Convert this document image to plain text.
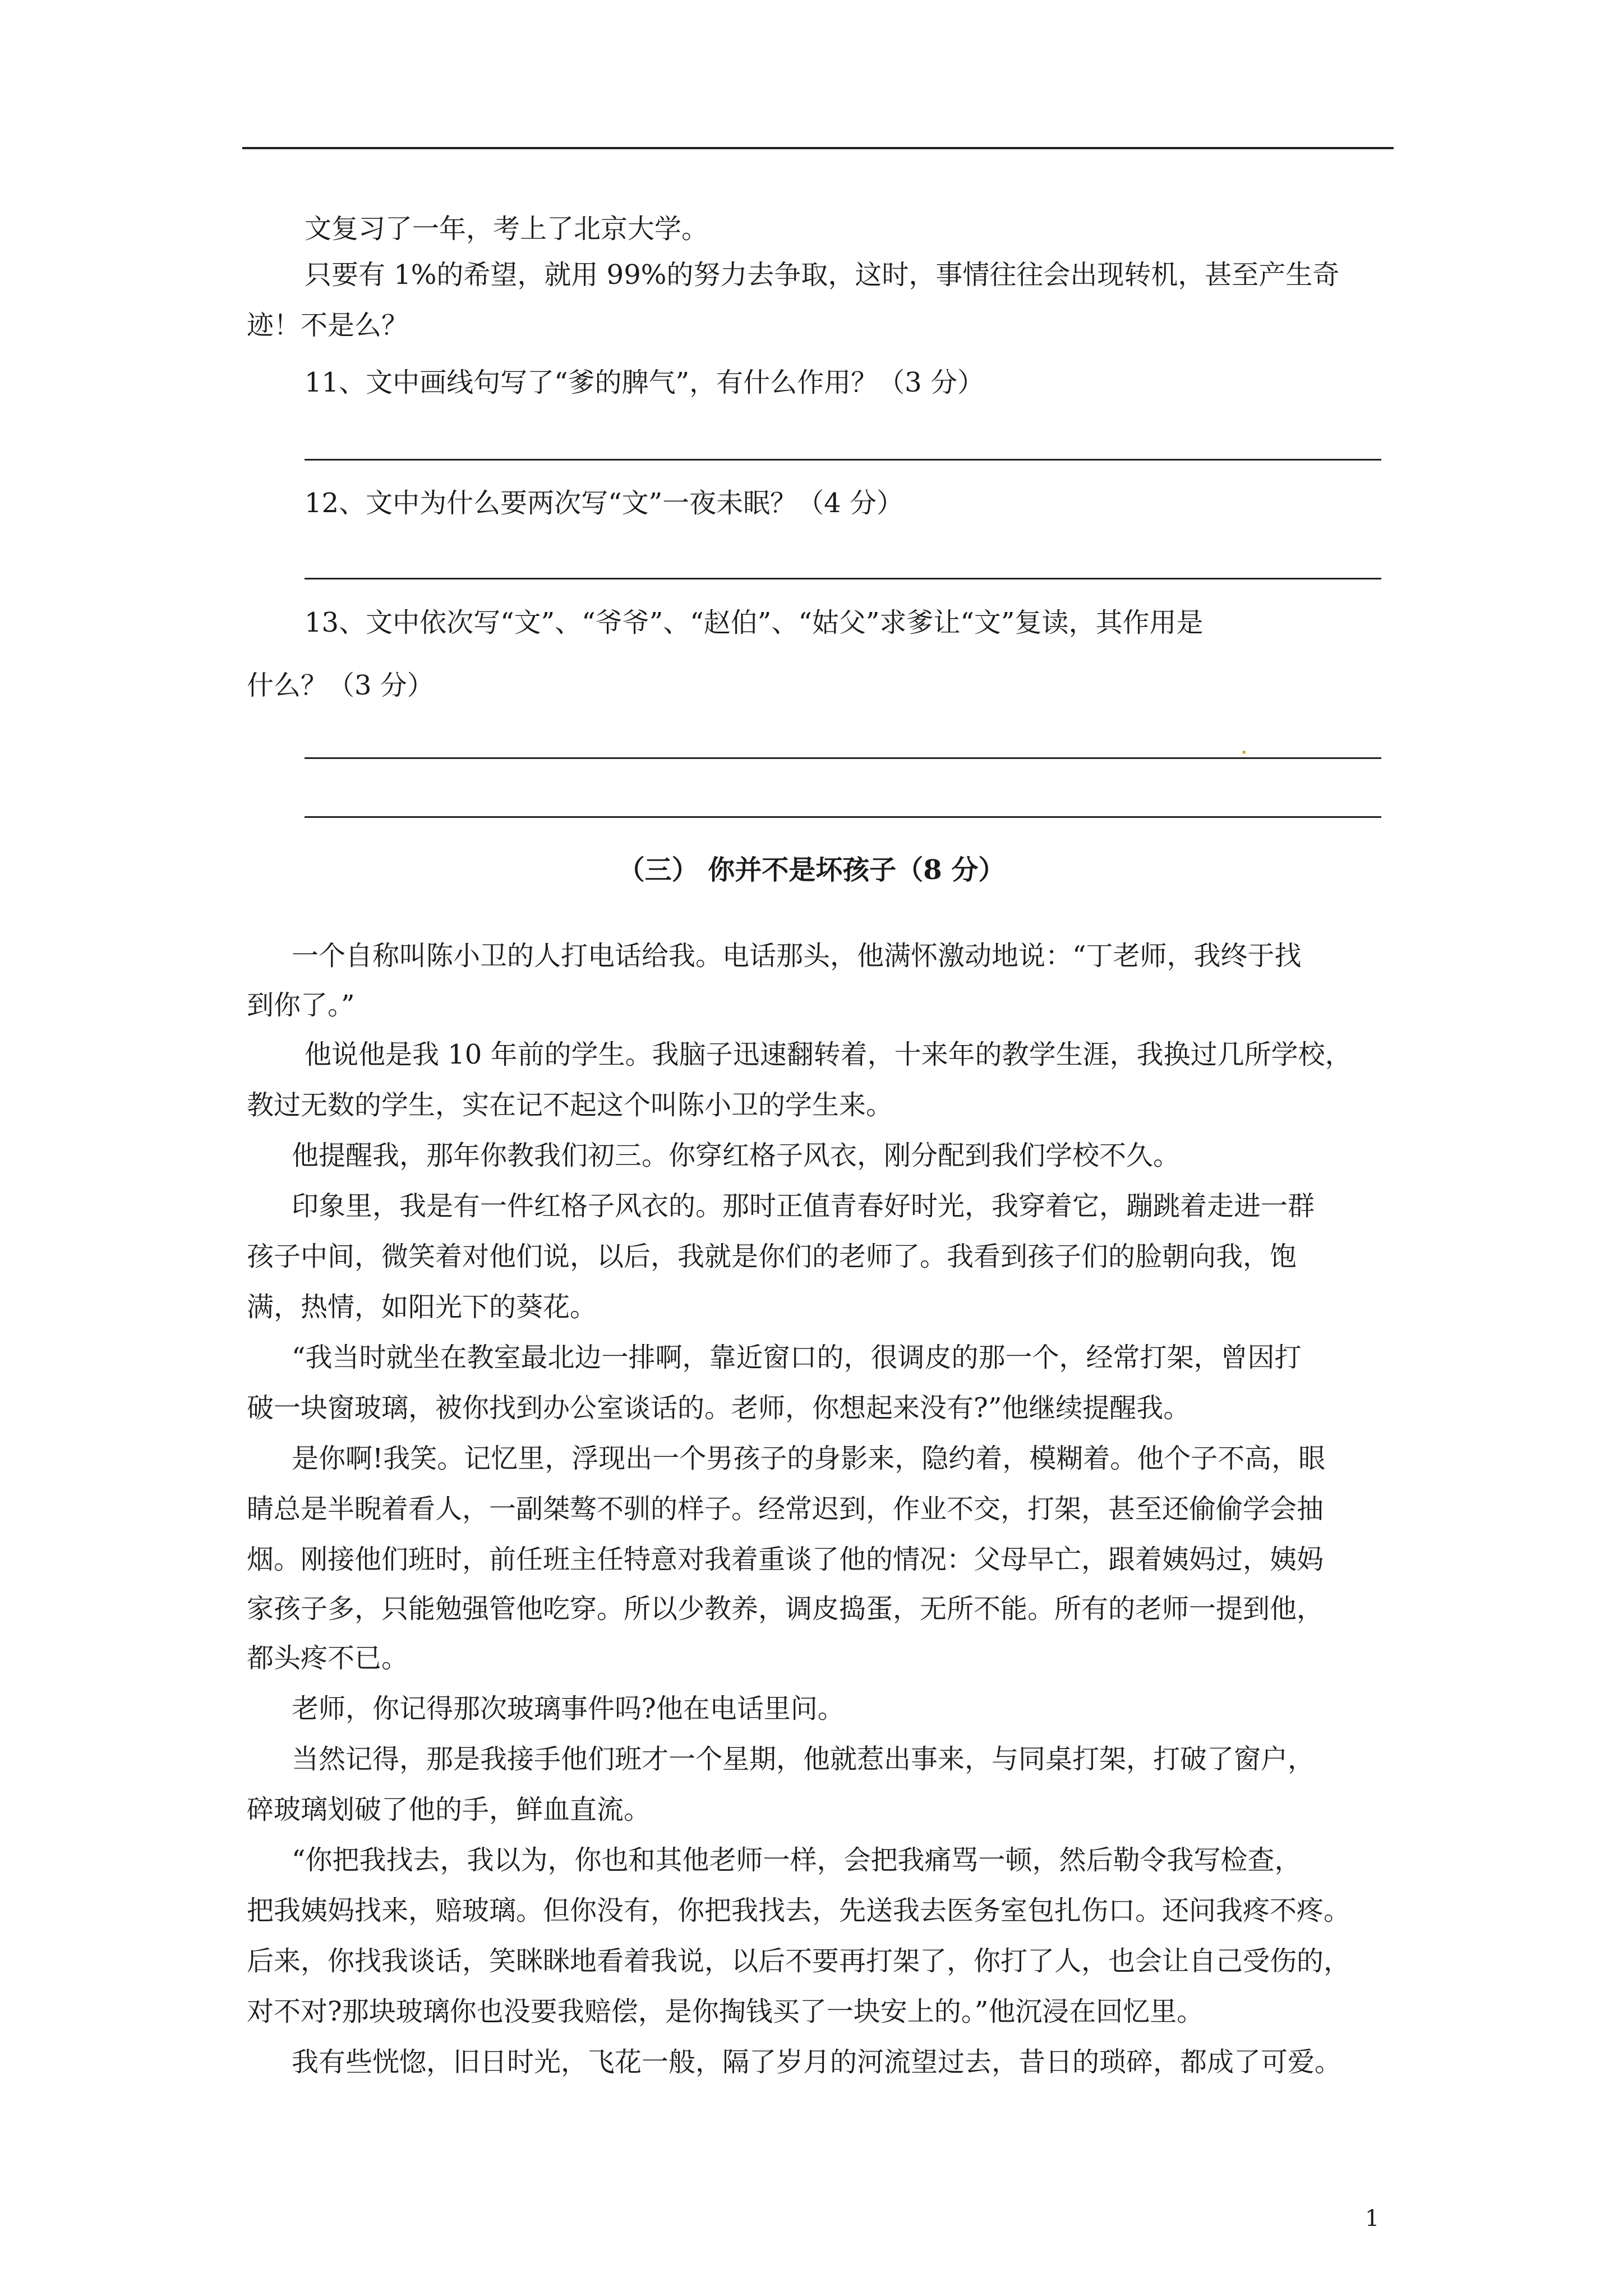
文复习了一年，考上了北京大学。
只要有 1%的希望，就用 99%的努力去争取，这时，事情往往会出现转机，甚至产生奇
迹！不是么？
11、文中画线句写了“爹的脾气”，有什么作用？（3 分）
12、文中为什么要两次写“文”一夜未眠？（4 分）
13、文中依次写“文”、“爷爷”、“赵伯”、“姑父”求爹让“文”复读，其作用是
什么？（3 分）
（三） 你并不是坏孩子（8 分）
一个自称叫陈小卫的人打电话给我。电话那头，他满怀激动地说：“丁老师，我终于找
到你了。”
他说他是我 10 年前的学生。我脑子迅速翻转着，十来年的教学生涯，我换过几所学校，
教过无数的学生，实在记不起这个叫陈小卫的学生来。
他提醒我，那年你教我们初三。你穿红格子风衣，刚分配到我们学校不久。
印象里，我是有一件红格子风衣的。那时正值青春好时光，我穿着它，蹦跳着走进一群
孩子中间，微笑着对他们说，以后，我就是你们的老师了。我看到孩子们的脸朝向我，饱
满，热情，如阳光下的葵花。
“我当时就坐在教室最北边一排啊，靠近窗口的，很调皮的那一个，经常打架，曾因打
破一块窗玻璃，被你找到办公室谈话的。老师，你想起来没有?”他继续提醒我。
是你啊!我笑。记忆里，浮现出一个男孩子的身影来，隐约着，模糊着。他个子不高，眼
睛总是半睨着看人，一副桀骜不驯的样子。经常迟到，作业不交，打架，甚至还偷偷学会抽
烟。刚接他们班时，前任班主任特意对我着重谈了他的情况：父母早亡，跟着姨妈过，姨妈
家孩子多，只能勉强管他吃穿。所以少教养，调皮捣蛋，无所不能。所有的老师一提到他，
都头疼不已。
老师，你记得那次玻璃事件吗?他在电话里问。
当然记得，那是我接手他们班才一个星期，他就惹出事来，与同桌打架，打破了窗户，
碎玻璃划破了他的手，鲜血直流。
“你把我找去，我以为，你也和其他老师一样，会把我痛骂一顿，然后勒令我写检查，
把我姨妈找来，赔玻璃。但你没有，你把我找去，先送我去医务室包扎伤口。还问我疼不疼。
后来，你找我谈话，笑眯眯地看着我说，以后不要再打架了，你打了人，也会让自己受伤的，
对不对?那块玻璃你也没要我赔偿，是你掏钱买了一块安上的。”他沉浸在回忆里。
我有些恍惚，旧日时光，飞花一般，隔了岁月的河流望过去，昔日的琐碎，都成了可爱。
1
